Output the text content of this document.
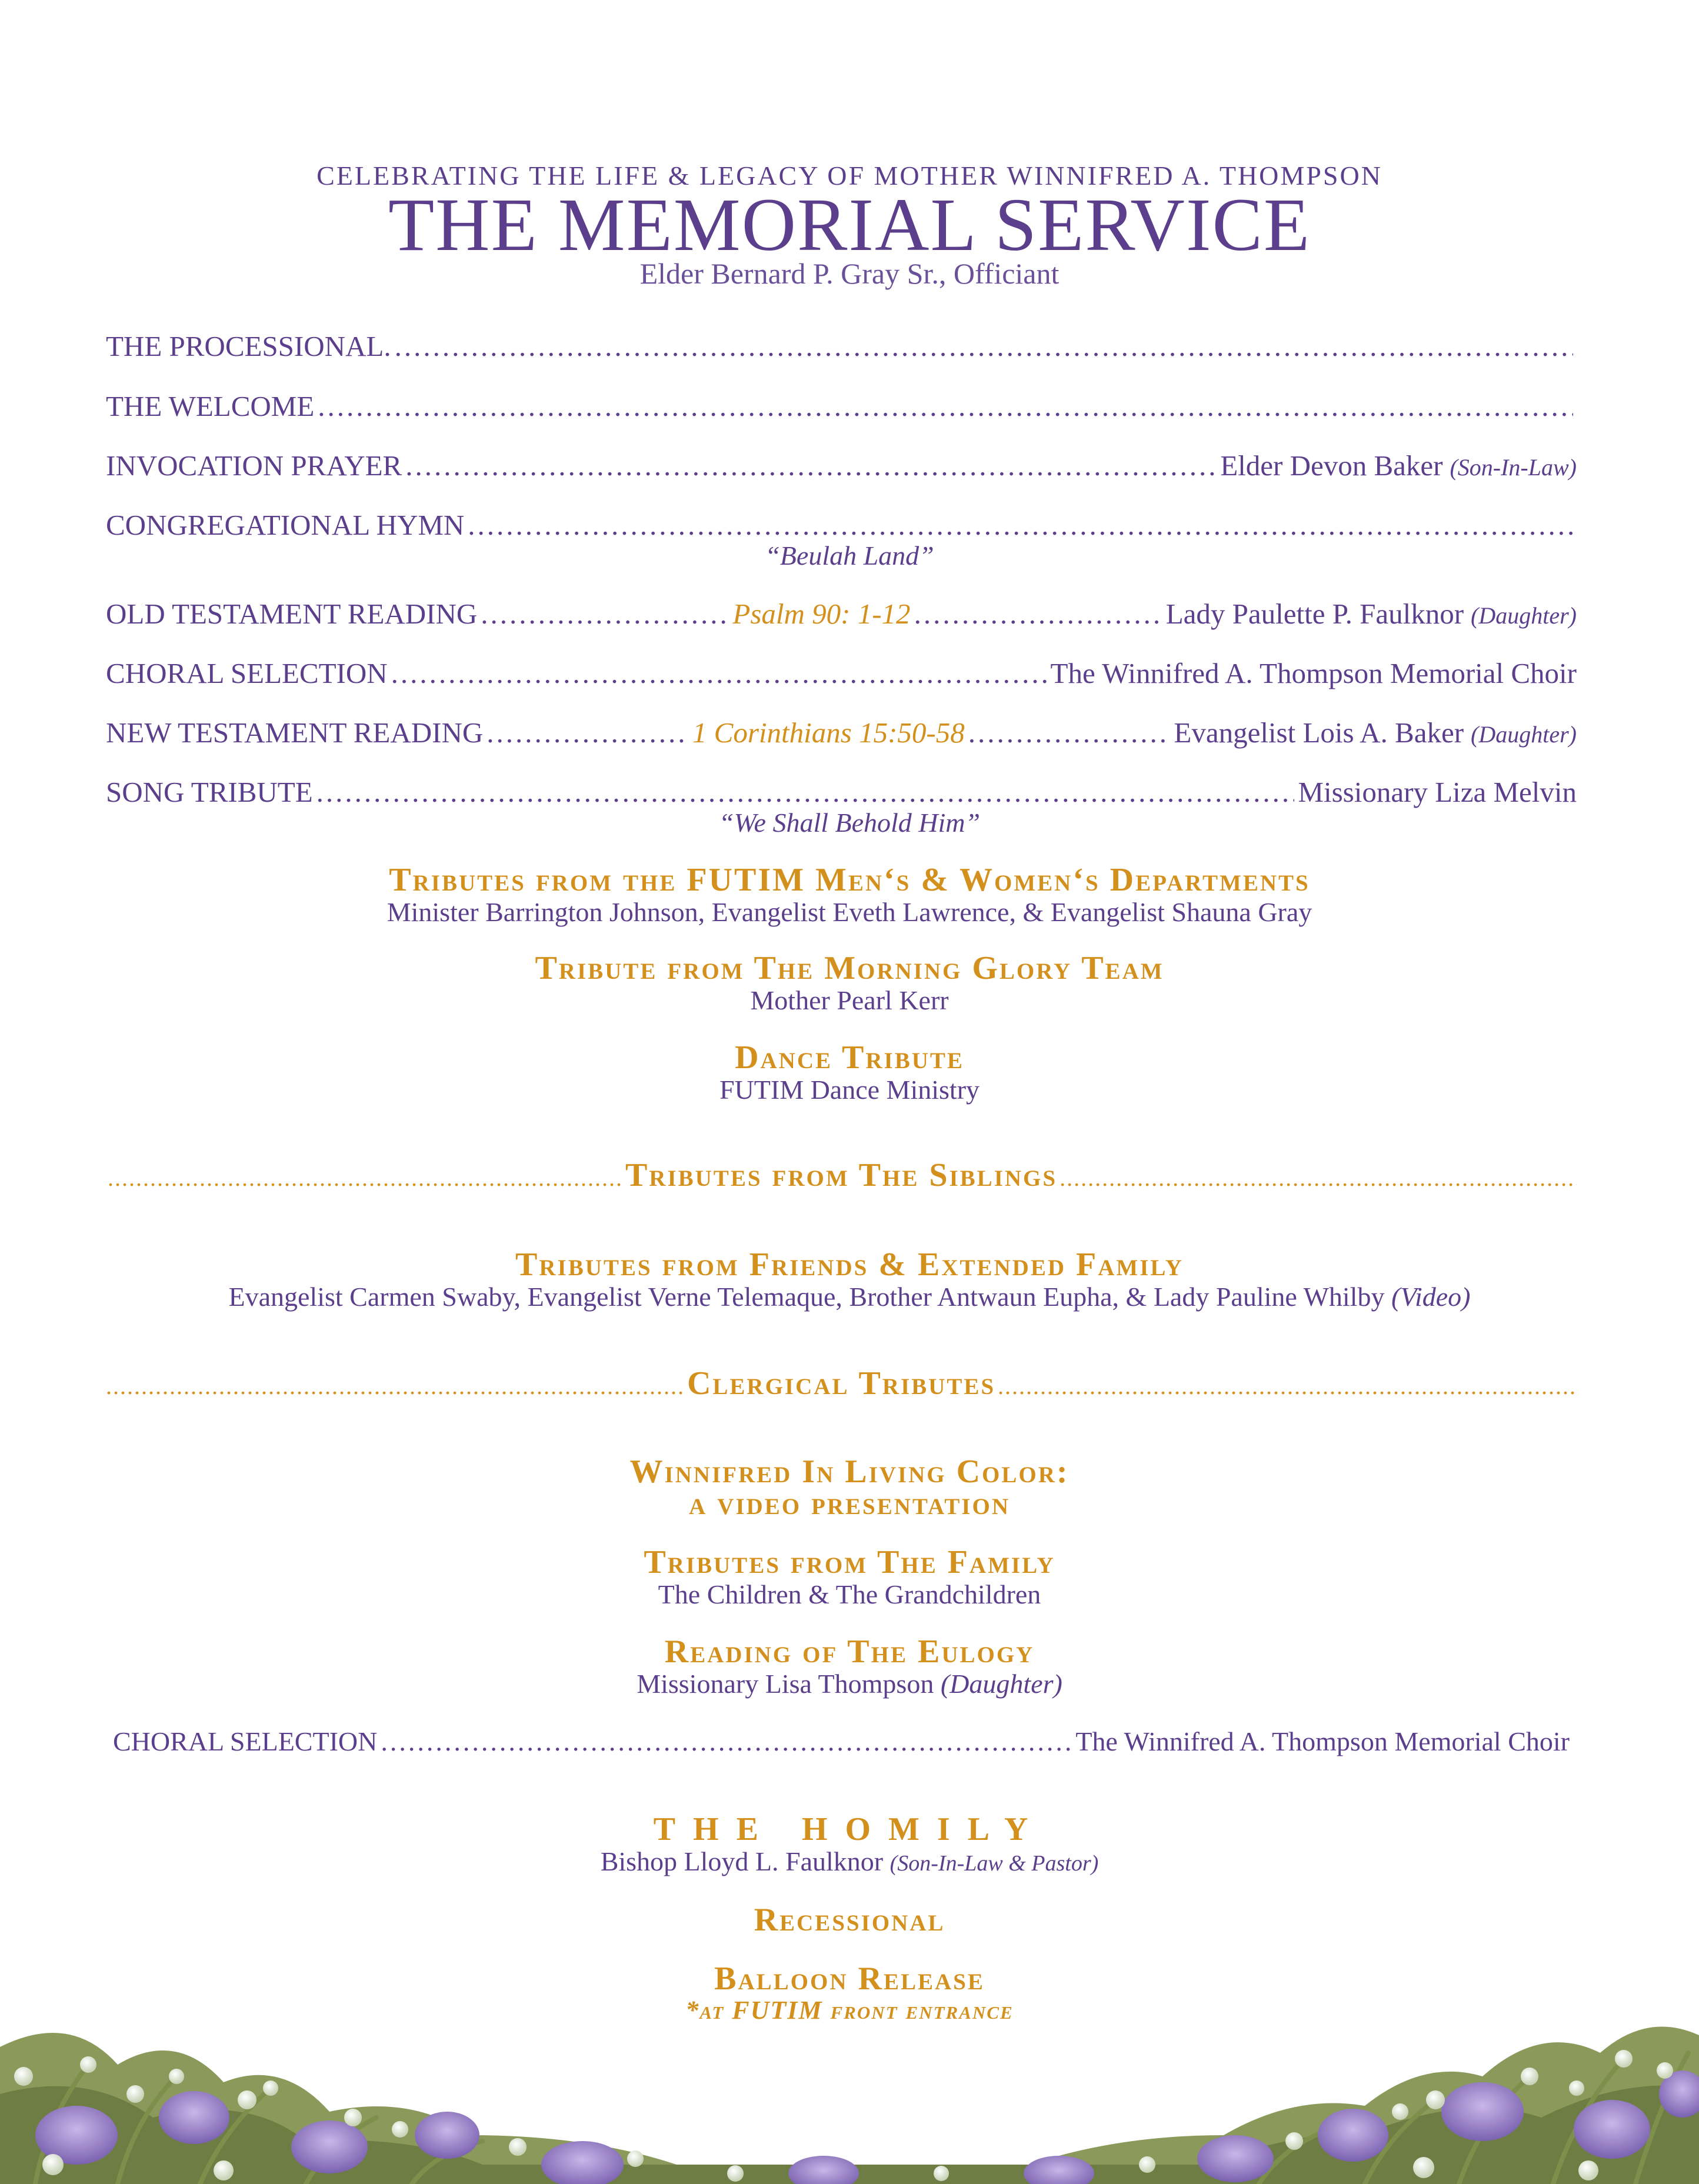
CELEBRATING THE LIFE & LEGACY OF MOTHER WINNIFRED A. THOMPSON
THE MEMORIAL SERVICE
Elder Bernard P. Gray Sr., Officiant
THE PROCESSIONAL.
.....
THE WELCOME
.....
INVOCATION PRAYER .....	Elder Devon Baker (Son-In-Law)
CONGREGATIONAL HYMN
.....
“Beulah Land”
OLD TESTAMENT READING .....	Psalm 90: 1-12 .....	Lady Paulette P. Faulknor (Daughter)
CHORAL SELECTION .....	The Winnifred A. Thompson Memorial Choir
NEW TESTAMENT READING .....	1 Corinthians 15:50-58 .....	Evangelist Lois A. Baker (Daughter)
SONG TRIBUTE .....	Missionary Liza Melvin
“We Shall Behold Him”
Tributes from the FUTIM Men‘s & Women‘s Departments
Minister Barrington Johnson, Evangelist Eveth Lawrence, & Evangelist Shauna Gray
Tribute from The Morning Glory Team
Mother Pearl Kerr
Dance Tribute
FUTIM Dance Ministry
.....
Tributes from The Siblings
.....
Tributes from Friends & Extended Family
Evangelist Carmen Swaby, Evangelist Verne Telemaque, Brother Antwaun Eupha, & Lady Pauline Whilby (Video)
.....
Clergical Tributes
.....
Winnifred In Living Color:
a video presentation
Tributes from The Family
The Children & The Grandchildren
Reading of The Eulogy
Missionary Lisa Thompson (Daughter)
CHORAL SELECTION .....	The Winnifred A. Thompson Memorial Choir
THE HOMILY
Bishop Lloyd L. Faulknor (Son-In-Law & Pastor)
Recessional
Balloon Release
*at FUTIM front entrance
